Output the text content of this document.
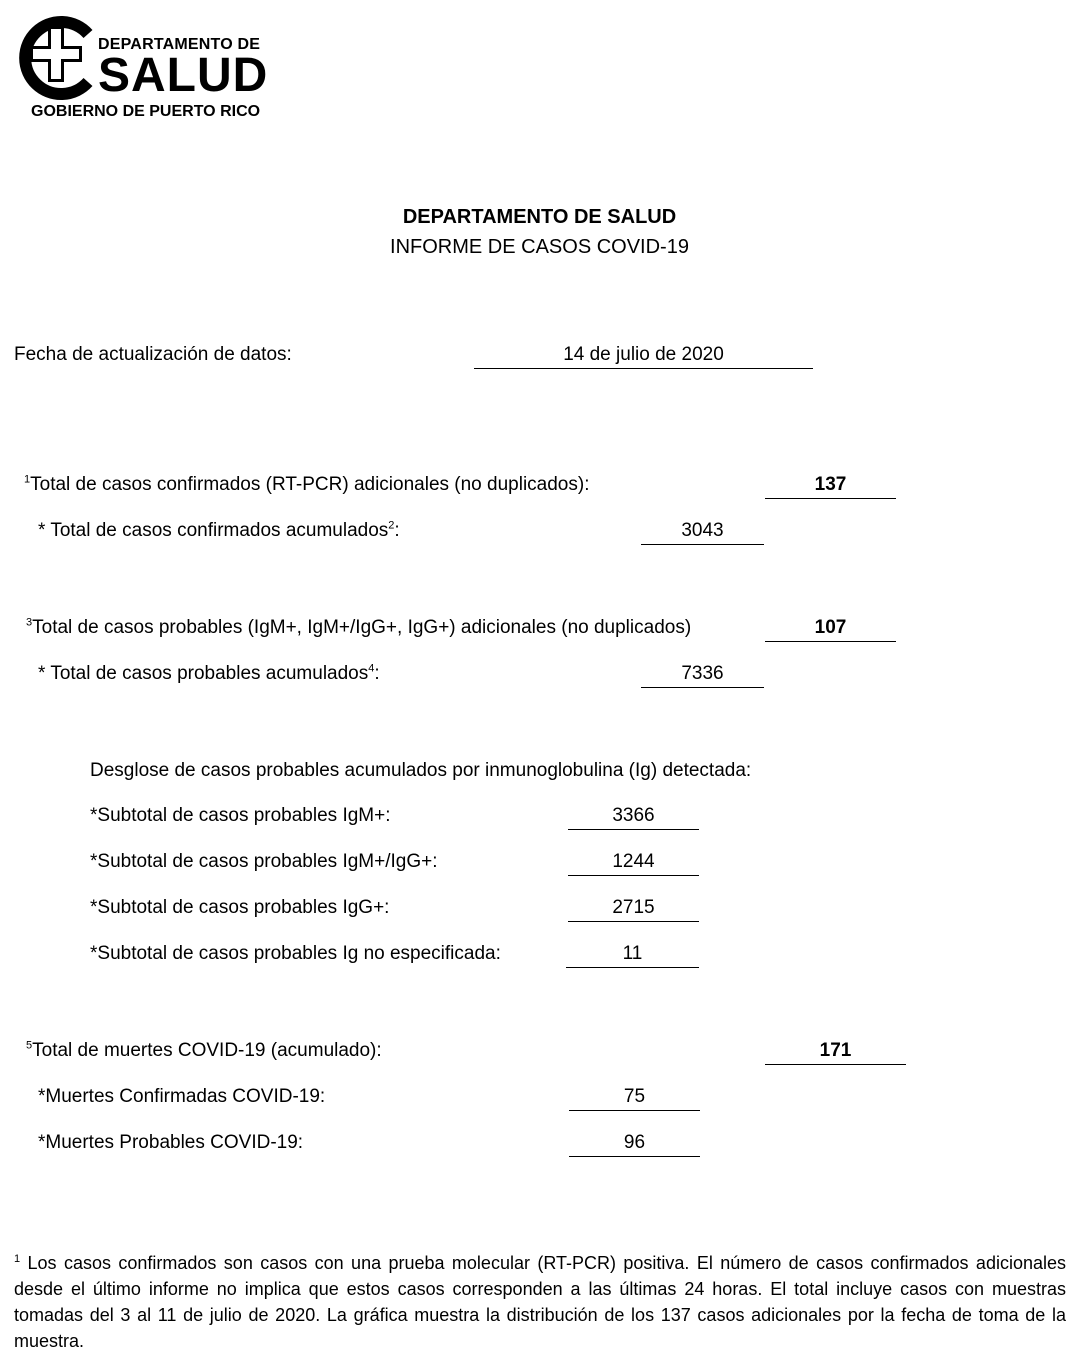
DEPARTAMENTO DE
SALUD
GOBIERNO DE PUERTO RICO
DEPARTAMENTO DE SALUD
INFORME DE CASOS COVID-19
Fecha de actualización de datos:	14 de julio de 2020
$^1$Total de casos confirmados (RT-PCR) adicionales (no duplicados):	137
* Total de casos confirmados acumulados$^2$:	3043
$^3$Total de casos probables (IgM+, IgM+/IgG+, IgG+) adicionales (no duplicados)	107
* Total de casos probables acumulados$^4$:	7336
Desglose de casos probables acumulados por inmunoglobulina (Ig) detectada:
*Subtotal de casos probables IgM+:	3366
*Subtotal de casos probables IgM+/IgG+:	1244
*Subtotal de casos probables IgG+:	2715
*Subtotal de casos probables Ig no especificada:	11
$^5$Total de muertes COVID-19 (acumulado):	171
*Muertes Confirmadas COVID-19:	75
*Muertes Probables COVID-19:	96
$^1$ Los casos confirmados son casos con una prueba molecular (RT-PCR) positiva. El número de casos confirmados adicionales desde el último informe no implica que estos casos corresponden a las últimas 24 horas. El total incluye casos con muestras tomadas del 3 al 11 de julio de 2020. La gráfica muestra la distribución de los 137 casos adicionales por la fecha de toma de la muestra.
